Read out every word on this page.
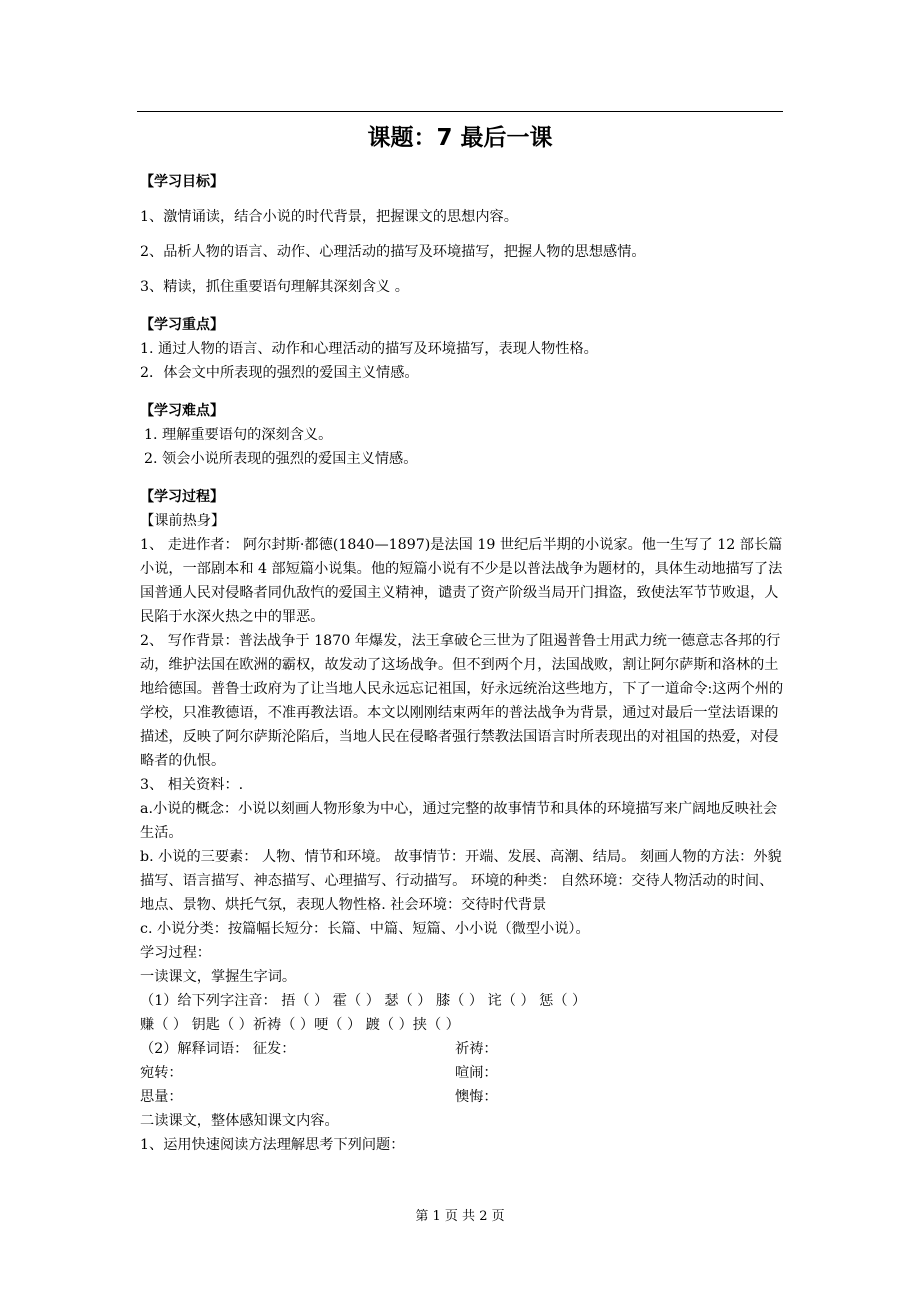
课题：7 最后一课

【学习目标】

1、激情诵读，结合小说的时代背景，把握课文的思想内容。

2、品析人物的语言、动作、心理活动的描写及环境描写，把握人物的思想感情。

3、精读，抓住重要语句理解其深刻含义 。

【学习重点】

1. 通过人物的语言、动作和心理活动的描写及环境描写，表现人物性格。

2．体会文中所表现的强烈的爱国主义情感。

【学习难点】

1. 理解重要语句的深刻含义。

2. 领会小说所表现的强烈的爱国主义情感。

【学习过程】

【课前热身】

1、 走进作者： 阿尔封斯·都德(1840—1897)是法国 19 世纪后半期的小说家。他一生写了 12 部长篇小说，一部剧本和 4 部短篇小说集。他的短篇小说有不少是以普法战争为题材的，具体生动地描写了法国普通人民对侵略者同仇敌忾的爱国主义精神，谴责了资产阶级当局开门揖盗，致使法军节节败退，人民陷于水深火热之中的罪恶。

2、 写作背景：普法战争于 1870 年爆发，法王拿破仑三世为了阻遏普鲁士用武力统一德意志各邦的行动，维护法国在欧洲的霸权，故发动了这场战争。但不到两个月，法国战败，割让阿尔萨斯和洛林的土地给德国。普鲁士政府为了让当地人民永远忘记祖国，好永远统治这些地方，下了一道命令:这两个州的学校，只准教德语，不准再教法语。本文以刚刚结束两年的普法战争为背景，通过对最后一堂法语课的描述，反映了阿尔萨斯沦陷后，当地人民在侵略者强行禁教法国语言时所表现出的对祖国的热爱，对侵略者的仇恨。

3、 相关资料：.

a.小说的概念：小说以刻画人物形象为中心，通过完整的故事情节和具体的环境描写来广阔地反映社会生活。

b. 小说的三要素： 人物、情节和环境。 故事情节：开端、发展、高潮、结局。 刻画人物的方法：外貌描写、语言描写、神态描写、心理描写、行动描写。 环境的种类： 自然环境：交待人物活动的时间、地点、景物、烘托气氛，表现人物性格. 社会环境：交待时代背景

c. 小说分类：按篇幅长短分：长篇、中篇、短篇、小小说（微型小说）。

学习过程：

一读课文，掌握生字词。

（1）给下列字注音： 捂（ ） 霍（ ） 瑟（ ） 膝（ ） 诧（ ） 惩（ ）

赚（ ） 钥匙（ ）祈祷（ ）哽（ ） 踱（ ）挟（ ）

（2）解释词语： 征发：	祈祷：

宛转：	喧闹：

思量：	懊悔：

二读课文，整体感知课文内容。

1、运用快速阅读方法理解思考下列问题：

第 1 页 共 2 页
